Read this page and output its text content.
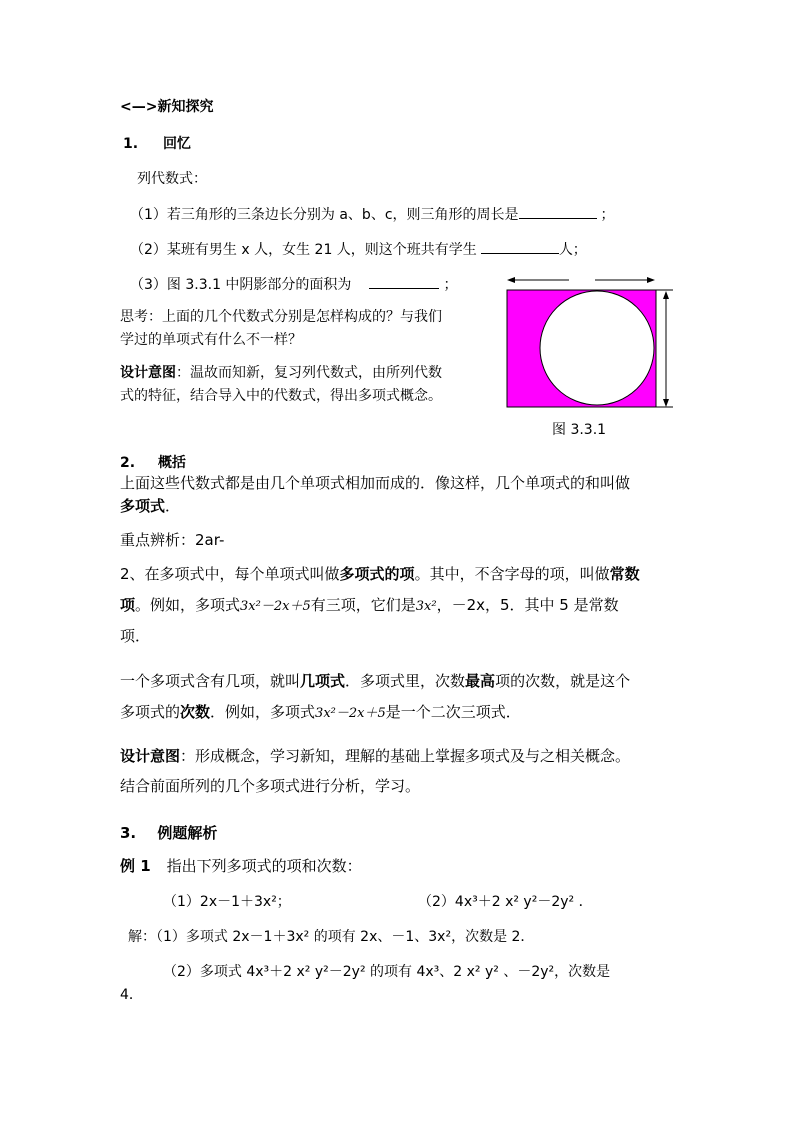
<—>新知探究
1. 回忆
列代数式：
（1）若三角形的三条边长分别为 a、b、c，则三角形的周长是	；
（2）某班有男生 x 人，女生 21 人，则这个班共有学生	人；
（3）图 3.3.1 中阴影部分的面积为	；
思考：上面的几个代数式分别是怎样构成的？与我们
学过的单项式有什么不一样？
设计意图：温故而知新，复习列代数式，由所列代数
式的特征，结合导入中的代数式，得出多项式概念。
图 3.3.1
2. 概括
上面这些代数式都是由几个单项式相加而成的．像这样，几个单项式的和叫做
多项式．
重点辨析：2ar-
2、在多项式中，每个单项式叫做多项式的项。其中，不含字母的项，叫做常数
项。例如，多项式3x²－2x＋5有三项，它们是3x²，－2x，5．其中 5 是常数
项．
一个多项式含有几项，就叫几项式．多项式里，次数最高项的次数，就是这个
多项式的次数．例如，多项式3x²－2x＋5是一个二次三项式．
设计意图：形成概念，学习新知，理解的基础上掌握多项式及与之相关概念。
结合前面所列的几个多项式进行分析，学习。
3. 例题解析
例 1 指出下列多项式的项和次数：
（1）2x－1＋3x²；	（2）4x³＋2 x² y²－2y² ．
解：（1）多项式 2x－1＋3x² 的项有 2x、－1、3x²，次数是 2．
（2）多项式 4x³＋2 x² y²－2y² 的项有 4x³、2 x² y² 、－2y²，次数是
4．
